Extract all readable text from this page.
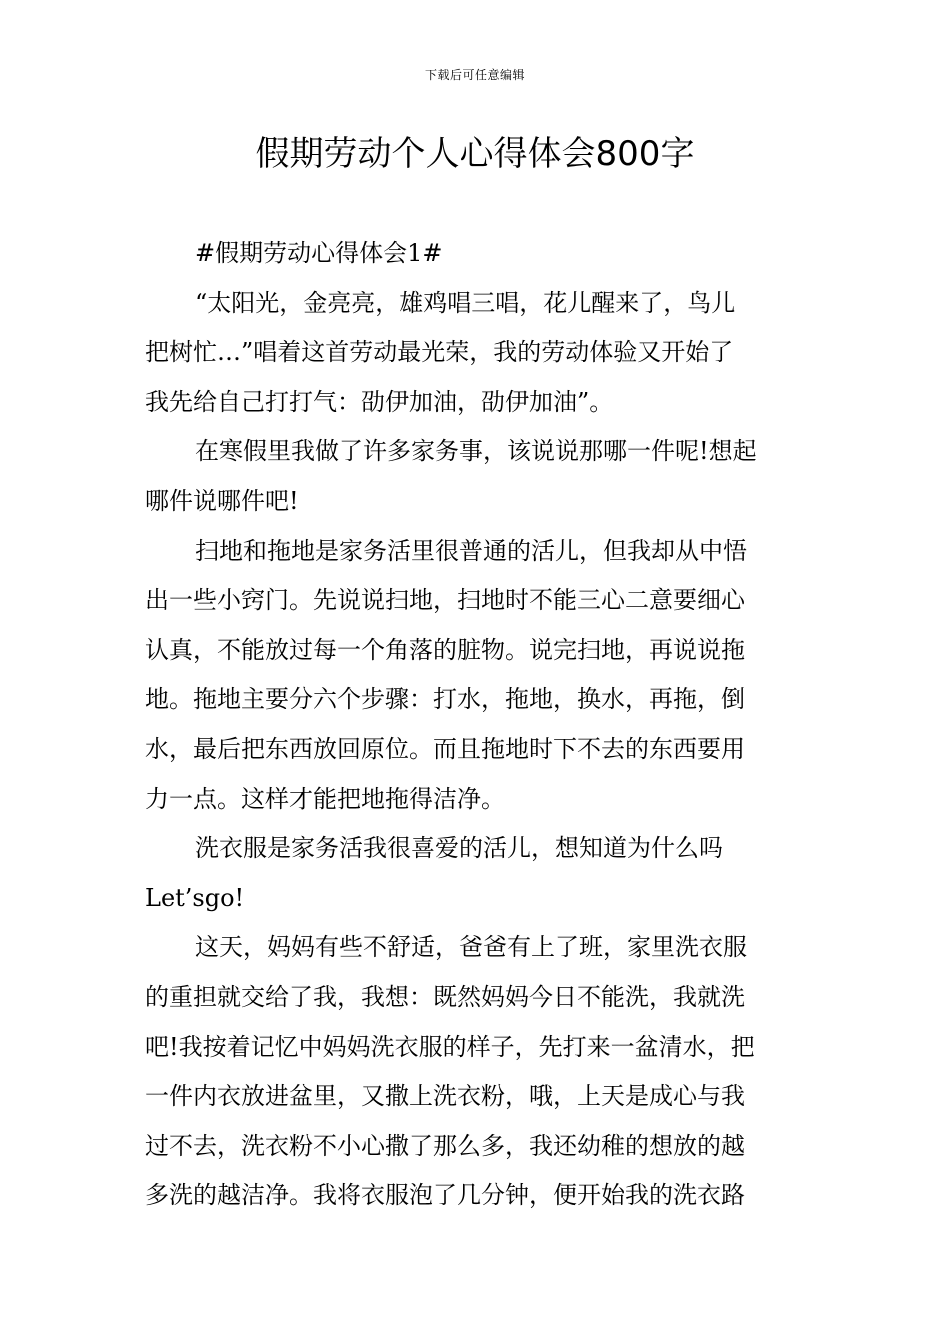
下载后可任意编辑
假期劳动个人心得体会800字

#假期劳动心得体会1#

“太阳光，金亮亮，雄鸡唱三唱，花儿醒来了，鸟儿

把树忙…”唱着这首劳动最光荣，我的劳动体验又开始了

我先给自己打打气：劭伊加油，劭伊加油”。

在寒假里我做了许多家务事，该说说那哪一件呢!想起

哪件说哪件吧!

扫地和拖地是家务活里很普通的活儿，但我却从中悟

出一些小窍门。先说说扫地，扫地时不能三心二意要细心

认真，不能放过每一个角落的脏物。说完扫地，再说说拖

地。拖地主要分六个步骤：打水，拖地，换水，再拖，倒

水，最后把东西放回原位。而且拖地时下不去的东西要用

力一点。这样才能把地拖得洁净。

洗衣服是家务活我很喜爱的活儿，想知道为什么吗

Let’sgo!

这天，妈妈有些不舒适，爸爸有上了班，家里洗衣服

的重担就交给了我，我想：既然妈妈今日不能洗，我就洗

吧!我按着记忆中妈妈洗衣服的样子，先打来一盆清水，把

一件内衣放进盆里，又撒上洗衣粉，哦，上天是成心与我

过不去，洗衣粉不小心撒了那么多，我还幼稚的想放的越

多洗的越洁净。我将衣服泡了几分钟，便开始我的洗衣路
